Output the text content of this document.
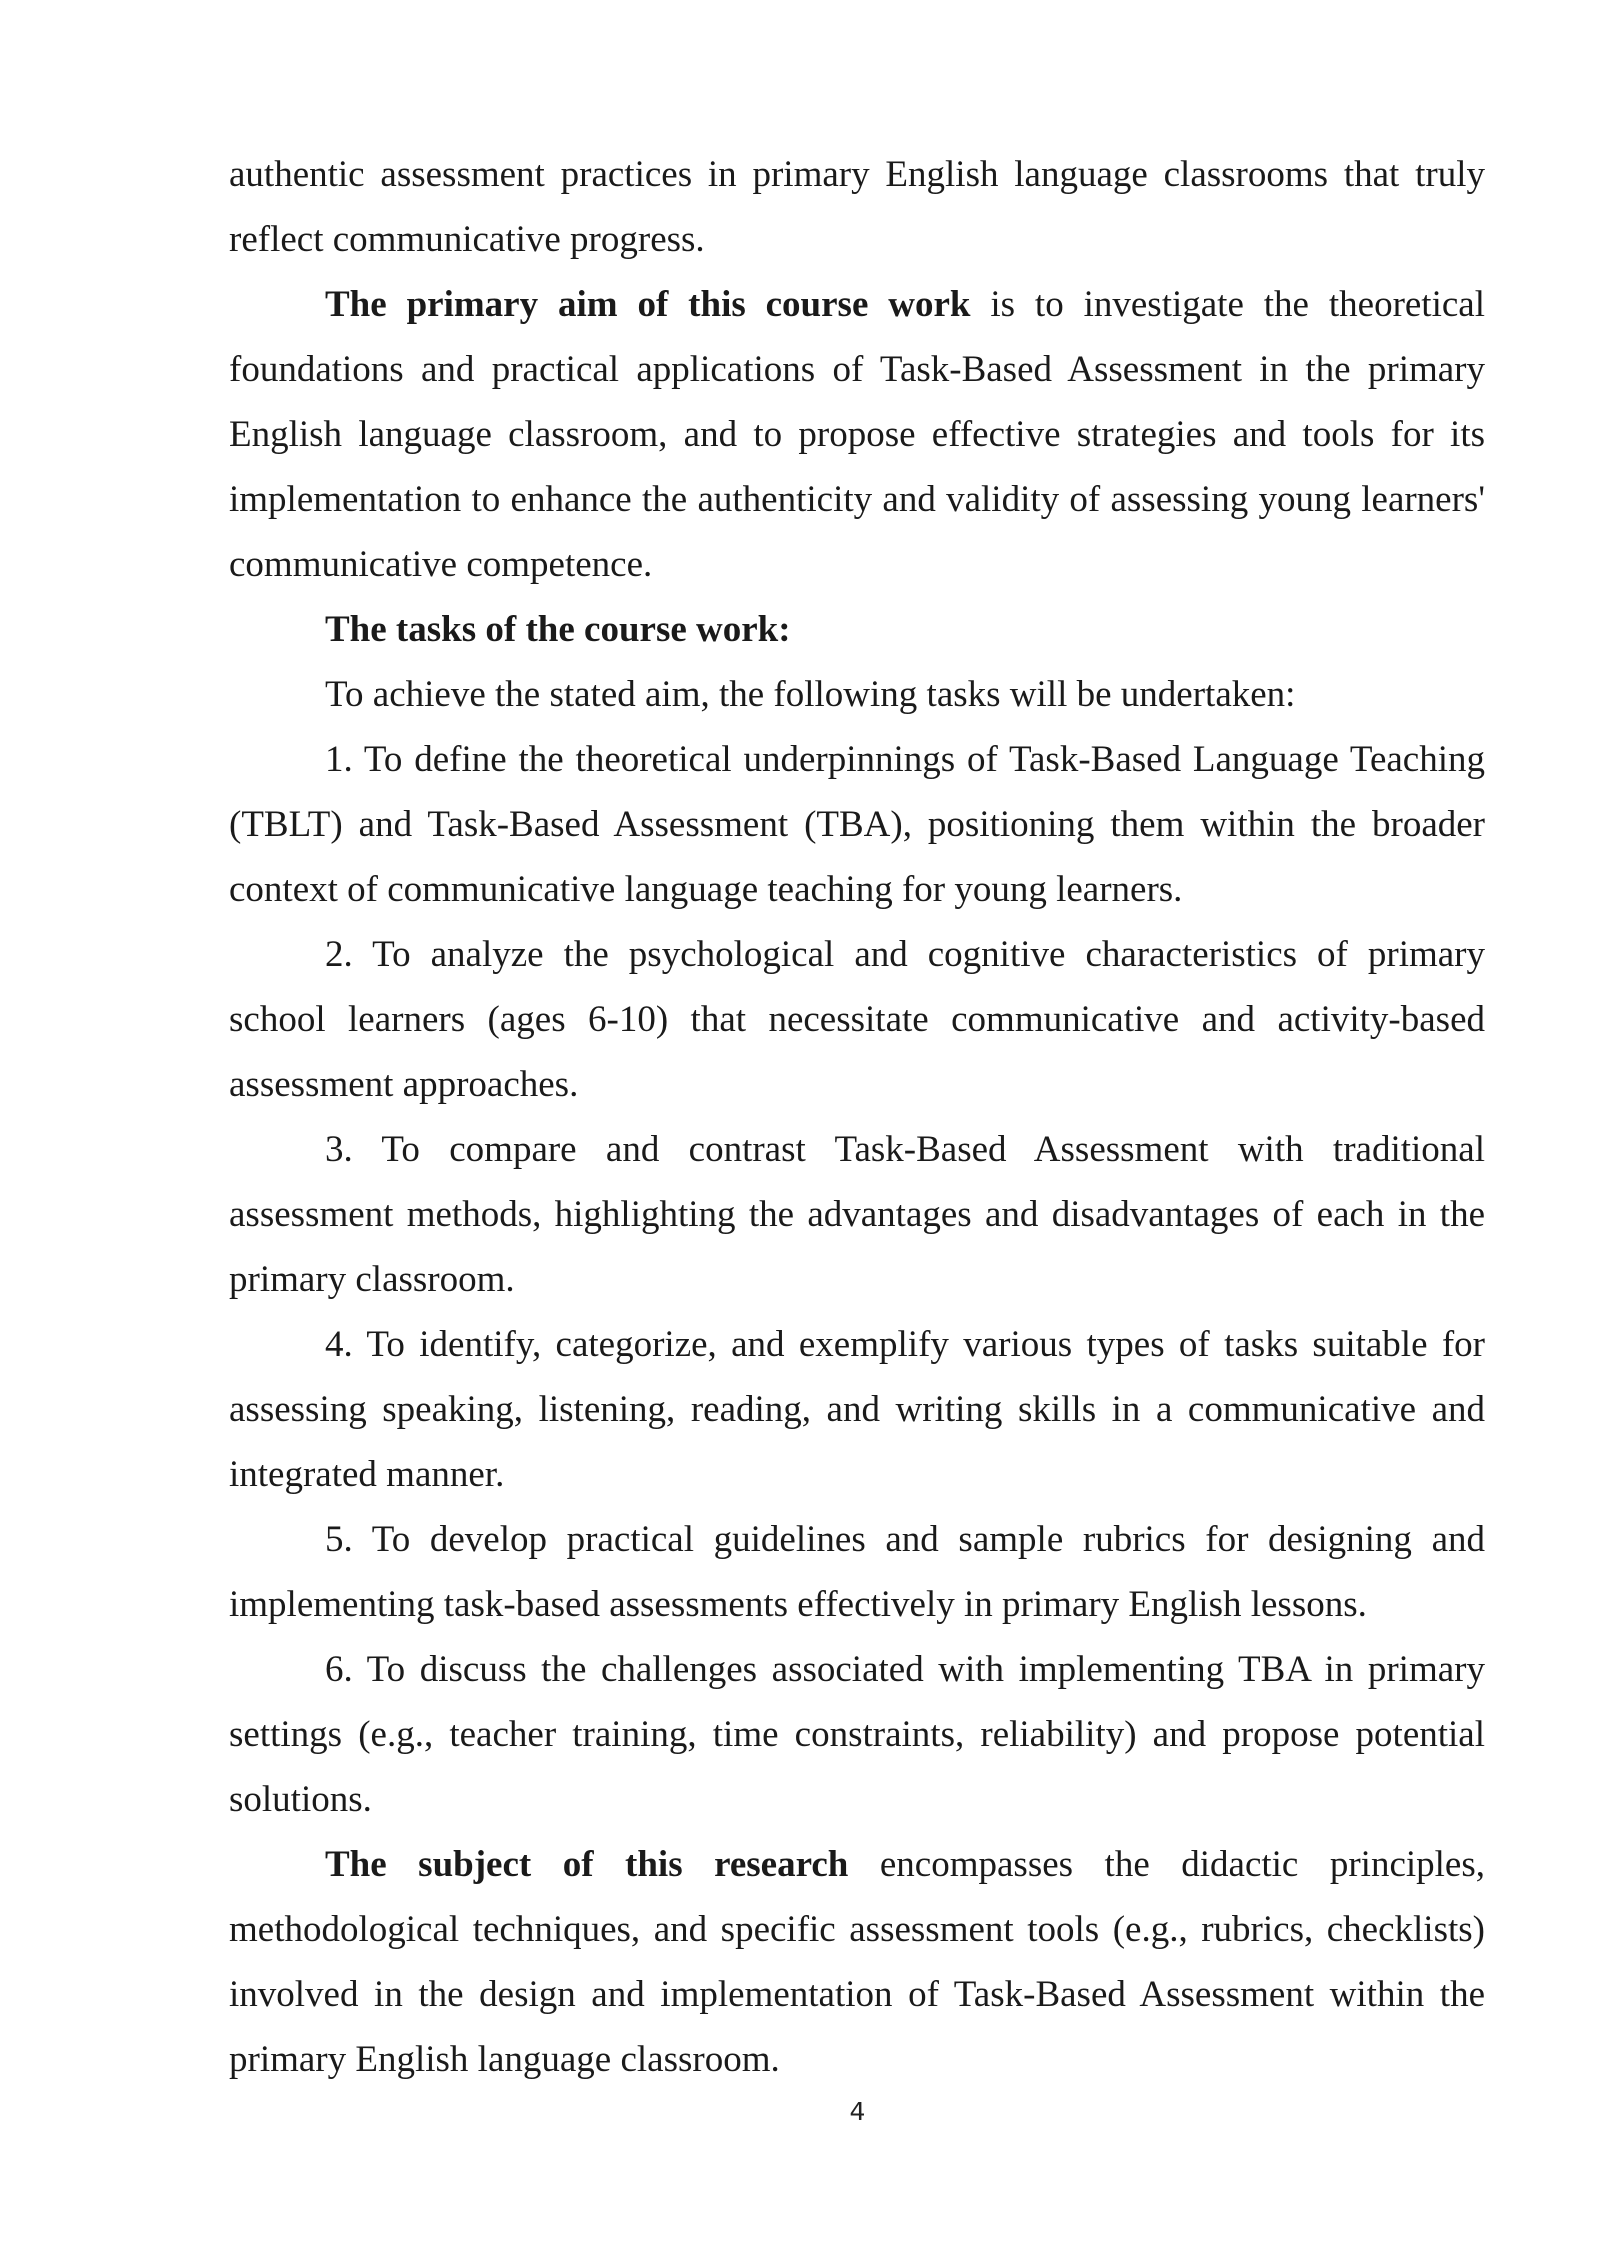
authentic assessment practices in primary English language classrooms that truly reflect communicative progress.

The primary aim of this course work is to investigate the theoretical foundations and practical applications of Task-Based Assessment in the primary English language classroom, and to propose effective strategies and tools for its implementation to enhance the authenticity and validity of assessing young learners' communicative competence.

The tasks of the course work:

To achieve the stated aim, the following tasks will be undertaken:

1. To define the theoretical underpinnings of Task-Based Language Teaching (TBLT) and Task-Based Assessment (TBA), positioning them within the broader context of communicative language teaching for young learners.

2. To analyze the psychological and cognitive characteristics of primary school learners (ages 6-10) that necessitate communicative and activity-based assessment approaches.

3. To compare and contrast Task-Based Assessment with traditional assessment methods, highlighting the advantages and disadvantages of each in the primary classroom.

4. To identify, categorize, and exemplify various types of tasks suitable for assessing speaking, listening, reading, and writing skills in a communicative and integrated manner.

5. To develop practical guidelines and sample rubrics for designing and implementing task-based assessments effectively in primary English lessons.

6. To discuss the challenges associated with implementing TBA in primary settings (e.g., teacher training, time constraints, reliability) and propose potential solutions.

The subject of this research encompasses the didactic principles, methodological techniques, and specific assessment tools (e.g., rubrics, checklists) involved in the design and implementation of Task-Based Assessment within the primary English language classroom.

4
